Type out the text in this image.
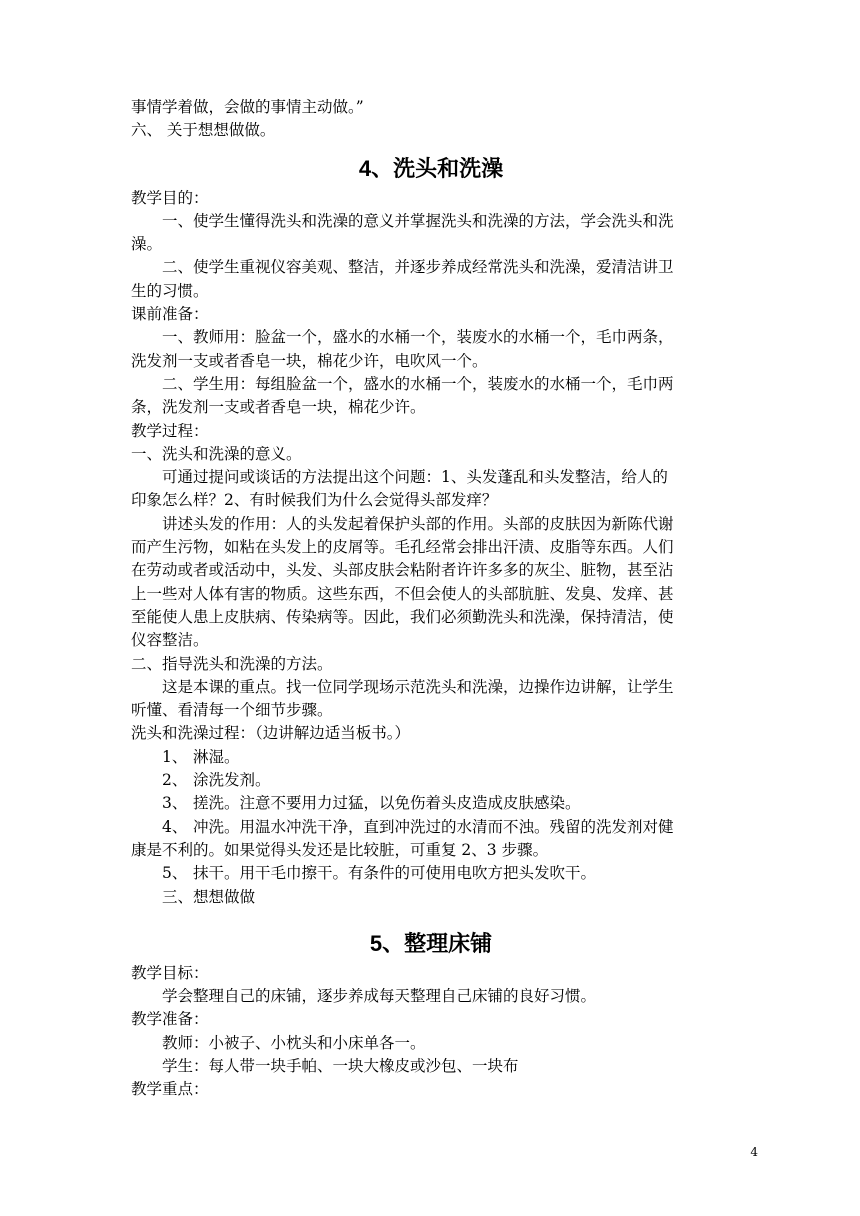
事情学着做，会做的事情主动做。”
六、 关于想想做做。
4、洗头和洗澡
教学目的：
一、使学生懂得洗头和洗澡的意义并掌握洗头和洗澡的方法，学会洗头和洗
澡。
二、使学生重视仪容美观、整洁，并逐步养成经常洗头和洗澡，爱清洁讲卫
生的习惯。
课前准备：
一、教师用：脸盆一个，盛水的水桶一个，装废水的水桶一个，毛巾两条，
洗发剂一支或者香皂一块，棉花少许，电吹风一个。
二、学生用：每组脸盆一个，盛水的水桶一个，装废水的水桶一个，毛巾两
条，洗发剂一支或者香皂一块，棉花少许。
教学过程：
一、洗头和洗澡的意义。
可通过提问或谈话的方法提出这个问题：1、头发蓬乱和头发整洁，给人的
印象怎么样？2、有时候我们为什么会觉得头部发痒？
讲述头发的作用：人的头发起着保护头部的作用。头部的皮肤因为新陈代谢
而产生污物，如粘在头发上的皮屑等。毛孔经常会排出汗渍、皮脂等东西。人们
在劳动或者或活动中，头发、头部皮肤会粘附者许许多多的灰尘、脏物，甚至沾
上一些对人体有害的物质。这些东西，不但会使人的头部肮脏、发臭、发痒、甚
至能使人患上皮肤病、传染病等。因此，我们必须勤洗头和洗澡，保持清洁，使
仪容整洁。
二、指导洗头和洗澡的方法。
这是本课的重点。找一位同学现场示范洗头和洗澡，边操作边讲解，让学生
听懂、看清每一个细节步骤。
洗头和洗澡过程：（边讲解边适当板书。）
1、 淋湿。
2、 涂洗发剂。
3、 搓洗。注意不要用力过猛，以免伤着头皮造成皮肤感染。
4、 冲洗。用温水冲洗干净，直到冲洗过的水清而不浊。残留的洗发剂对健
康是不利的。如果觉得头发还是比较脏，可重复 2、3 步骤。
5、 抹干。用干毛巾擦干。有条件的可使用电吹方把头发吹干。
三、想想做做
5、整理床铺
教学目标：
学会整理自己的床铺，逐步养成每天整理自己床铺的良好习惯。
教学准备：
教师：小被子、小枕头和小床单各一。
学生：每人带一块手帕、一块大橡皮或沙包、一块布
教学重点：
4
